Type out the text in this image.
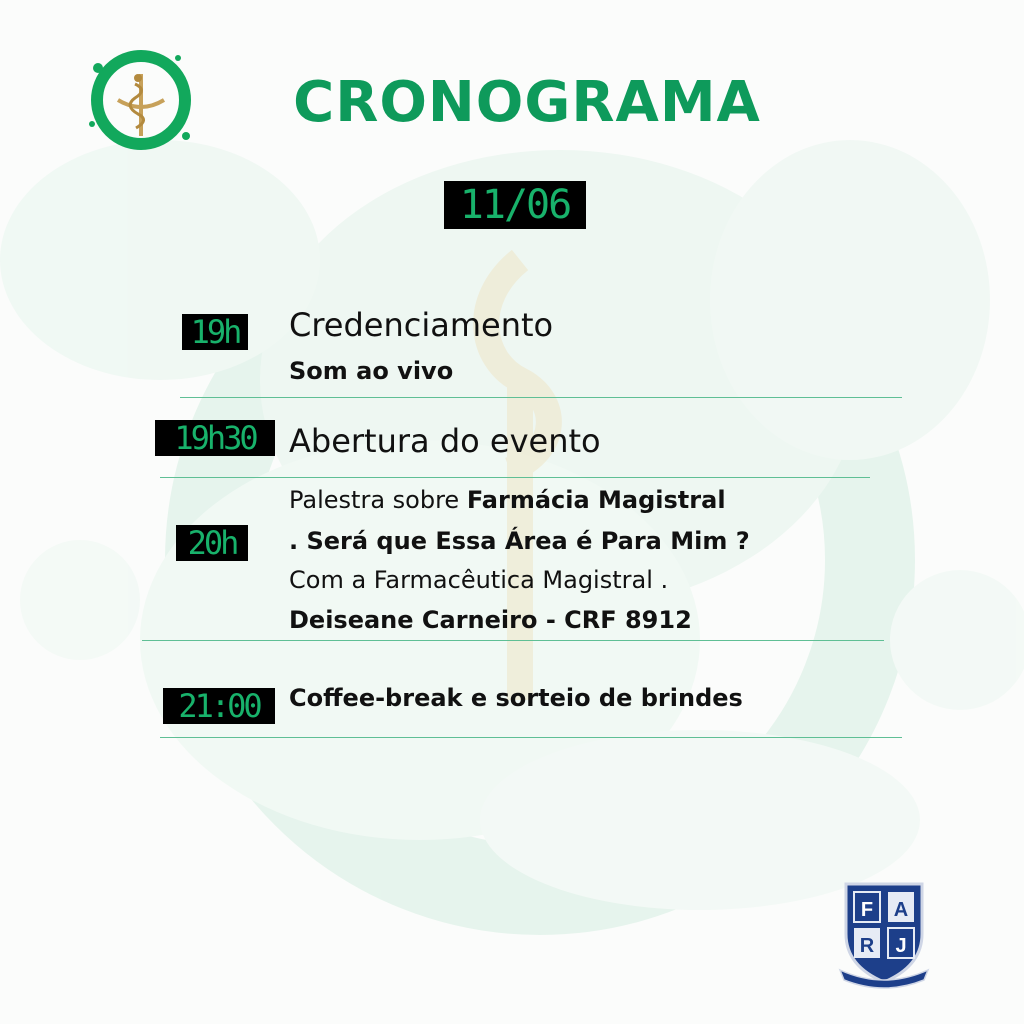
CRONOGRAMA
11/06
19h Credenciamento
Som ao vivo
19h30	Abertura do evento
20h
Palestra sobre Farmácia Magistral
. Será que Essa Área é Para Mim ?
Com a Farmacêutica Magistral .
Deiseane Carneiro - CRF 8912
21:00	Coffee-break e sorteio de brindes
F A
R J
